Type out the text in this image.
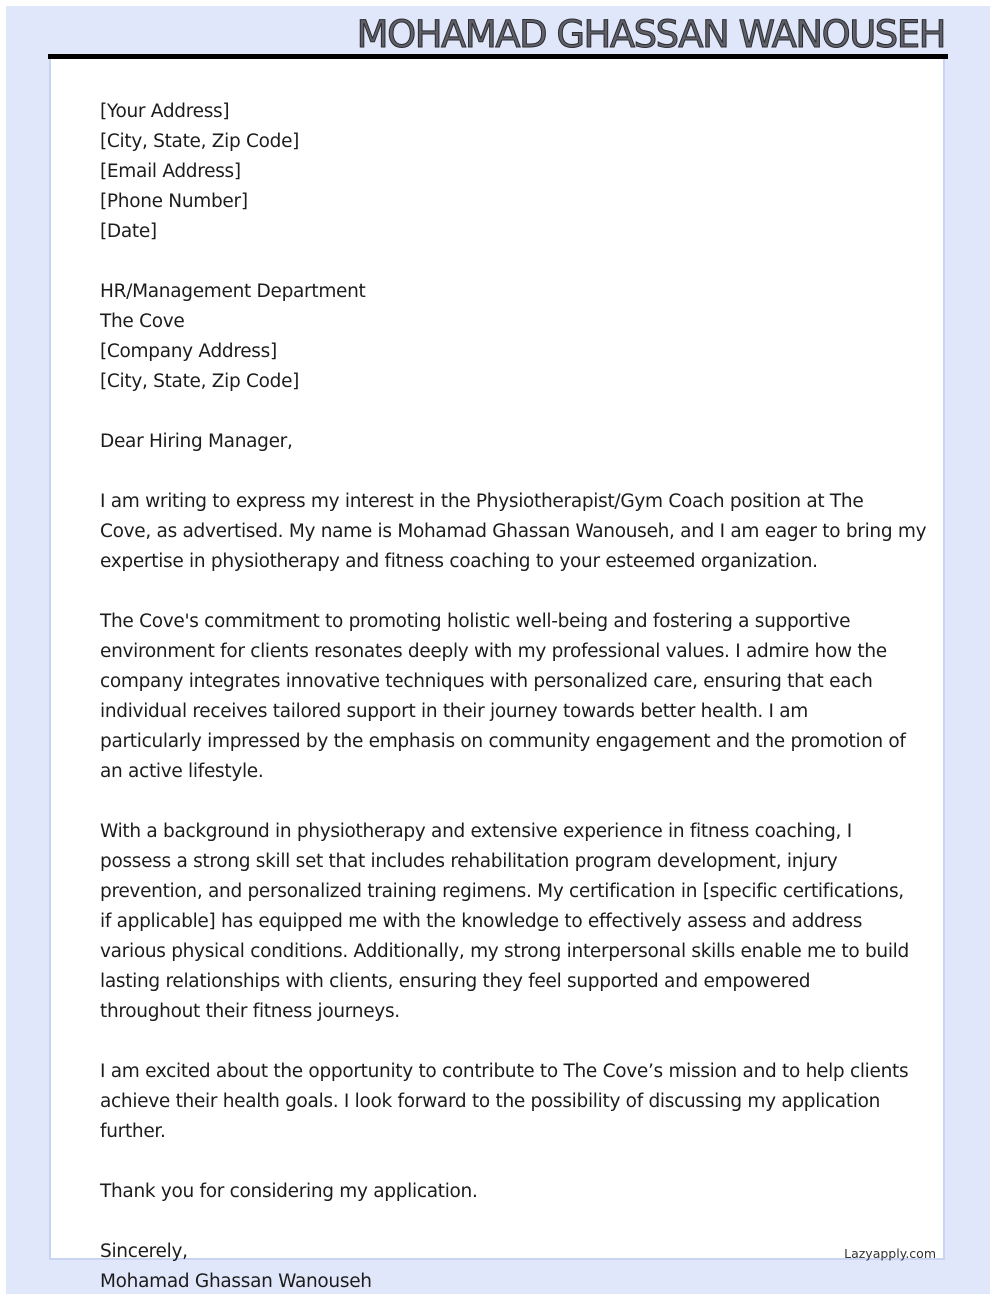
MOHAMAD GHASSAN WANOUSEH
[Your Address]
[City, State, Zip Code]
[Email Address]
[Phone Number]
[Date]
HR/Management Department
The Cove
[Company Address]
[City, State, Zip Code]
Dear Hiring Manager,
I am writing to express my interest in the Physiotherapist/Gym Coach position at The
Cove, as advertised. My name is Mohamad Ghassan Wanouseh, and I am eager to bring my
expertise in physiotherapy and fitness coaching to your esteemed organization.
The Cove's commitment to promoting holistic well-being and fostering a supportive
environment for clients resonates deeply with my professional values. I admire how the
company integrates innovative techniques with personalized care, ensuring that each
individual receives tailored support in their journey towards better health. I am
particularly impressed by the emphasis on community engagement and the promotion of
an active lifestyle.
With a background in physiotherapy and extensive experience in fitness coaching, I
possess a strong skill set that includes rehabilitation program development, injury
prevention, and personalized training regimens. My certification in [specific certifications,
if applicable] has equipped me with the knowledge to effectively assess and address
various physical conditions. Additionally, my strong interpersonal skills enable me to build
lasting relationships with clients, ensuring they feel supported and empowered
throughout their fitness journeys.
I am excited about the opportunity to contribute to The Cove’s mission and to help clients
achieve their health goals. I look forward to the possibility of discussing my application
further.
Thank you for considering my application.
Sincerely,
Mohamad Ghassan Wanouseh
Lazyapply.com
